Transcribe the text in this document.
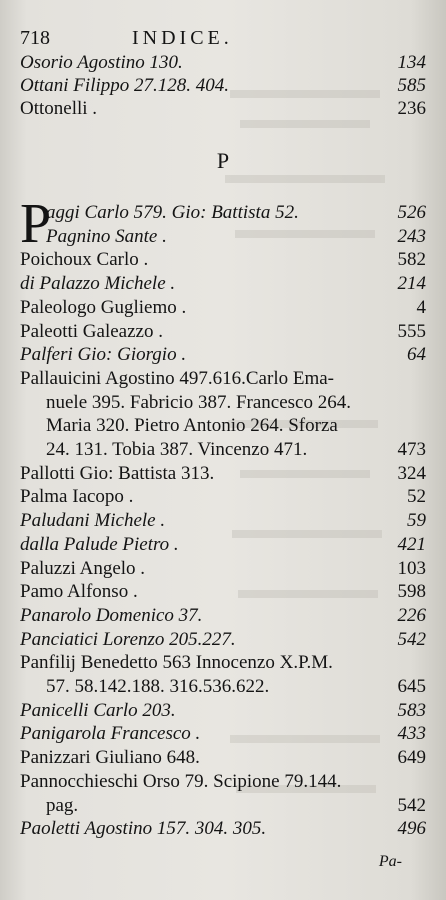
718	INDICE.
Osorio Agostino 130.	134
Ottani Filippo 27.128. 404.	585
Ottonelli .	236
P
P
aggi Carlo 579. Gio: Battista 52.	526
Pagnino Sante .	243
Poichoux Carlo .	582
di Palazzo Michele .	214
Paleologo Gugliemo .	4
Paleotti Galeazzo .	555
Palferi Gio: Giorgio .	64
Pallauicini Agostino 497.616.Carlo Ema-
nuele 395. Fabricio 387. Francesco 264.
Maria 320. Pietro Antonio 264. Sforza
24. 131. Tobia 387. Vincenzo 471.	473
Pallotti Gio: Battista 313.	324
Palma Iacopo .	52
Paludani Michele .	59
dalla Palude Pietro .	421
Paluzzi Angelo .	103
Pamo Alfonso .	598
Panarolo Domenico 37.	226
Panciatici Lorenzo 205.227.	542
Panfilij Benedetto 563 Innocenzo X.P.M.
57. 58.142.188. 316.536.622.	645
Panicelli Carlo 203.	583
Panigarola Francesco .	433
Panizzari Giuliano 648.	649
Pannocchieschi Orso 79. Scipione 79.144.
pag.	542
Paoletti Agostino 157. 304. 305.	496
Pa-
